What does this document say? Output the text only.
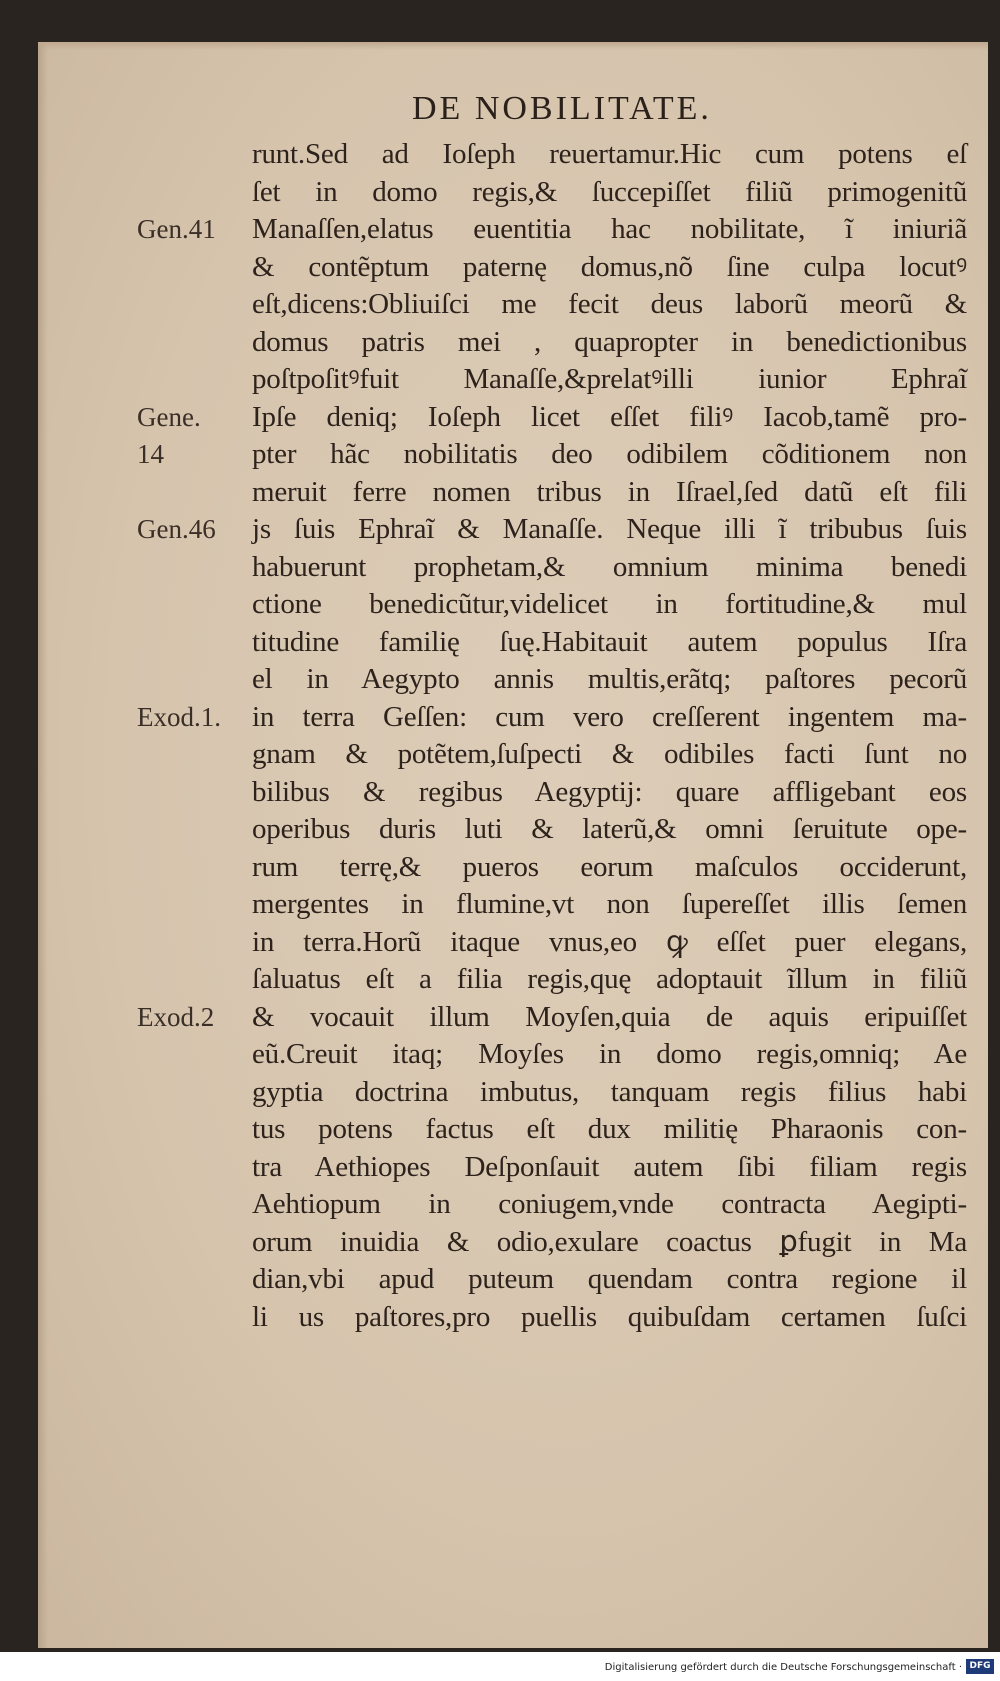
DE NOBILITATE.
Gen.41
Gene.
14
Gen.46
Exod.1.
Exod.2
runt.Sed ad Ioſeph reuertamur.Hic cum potens eſ
ſet in domo regis,& ſuccepiſſet filiũ primogenitũ
Manaſſen,elatus euentitia hac nobilitate, ĩ iniuriã
& contẽptum paternę domus,nõ ſine culpa locutꝰ
eſt,dicens:Obliuiſci me fecit deus laborũ meorũ &
domus patris mei , quapropter in benedictionibus
poſtpoſitꝰfuit Manaſſe,&prelatꝰilli iunior Ephraĩ
Ipſe deniq; Ioſeph licet eſſet filiꝰ Iacob,tamẽ pro-
pter hãc nobilitatis deo odibilem cõditionem non
meruit ferre nomen tribus in Iſrael,ſed datũ eſt fili
js ſuis Ephraĩ & Manaſſe. Neque illi ĩ tribubus ſuis
habuerunt prophetam,& omnium minima benedi
ctione benedicũtur,videlicet in fortitudine,& mul
titudine familię ſuę.Habitauit autem populus Iſra
el in Aegypto annis multis,erãtq; paſtores pecorũ
in terra Geſſen: cum vero creſſerent ingentem ma-
gnam & potẽtem,ſuſpecti & odibiles facti ſunt no
bilibus & regibus Aegyptij: quare affligebant eos
operibus duris luti & laterũ,& omni ſeruitute ope-
rum terrę,& pueros eorum maſculos occiderunt,
mergentes in flumine,vt non ſupereſſet illis ſemen
in terra.Horũ itaque vnus,eo ꝙ eſſet puer elegans,
ſaluatus eſt a filia regis,quę adoptauit ĩllum in filiũ
& vocauit illum Moyſen,quia de aquis eripuiſſet
eũ.Creuit itaq; Moyſes in domo regis,omniq; Ae
gyptia doctrina imbutus, tanquam regis filius habi
tus potens factus eſt dux militię Pharaonis con-
tra Aethiopes Deſponſauit autem ſibi filiam regis
Aehtiopum in coniugem,vnde contracta Aegipti-
orum inuidia & odio,exulare coactus ꝑfugit in Ma
dian,vbi apud puteum quendam contra regione il
li us paſtores,pro puellis quibuſdam certamen ſuſci
Digitalisierung gefördert durch die Deutsche Forschungsgemeinschaft · DFG
